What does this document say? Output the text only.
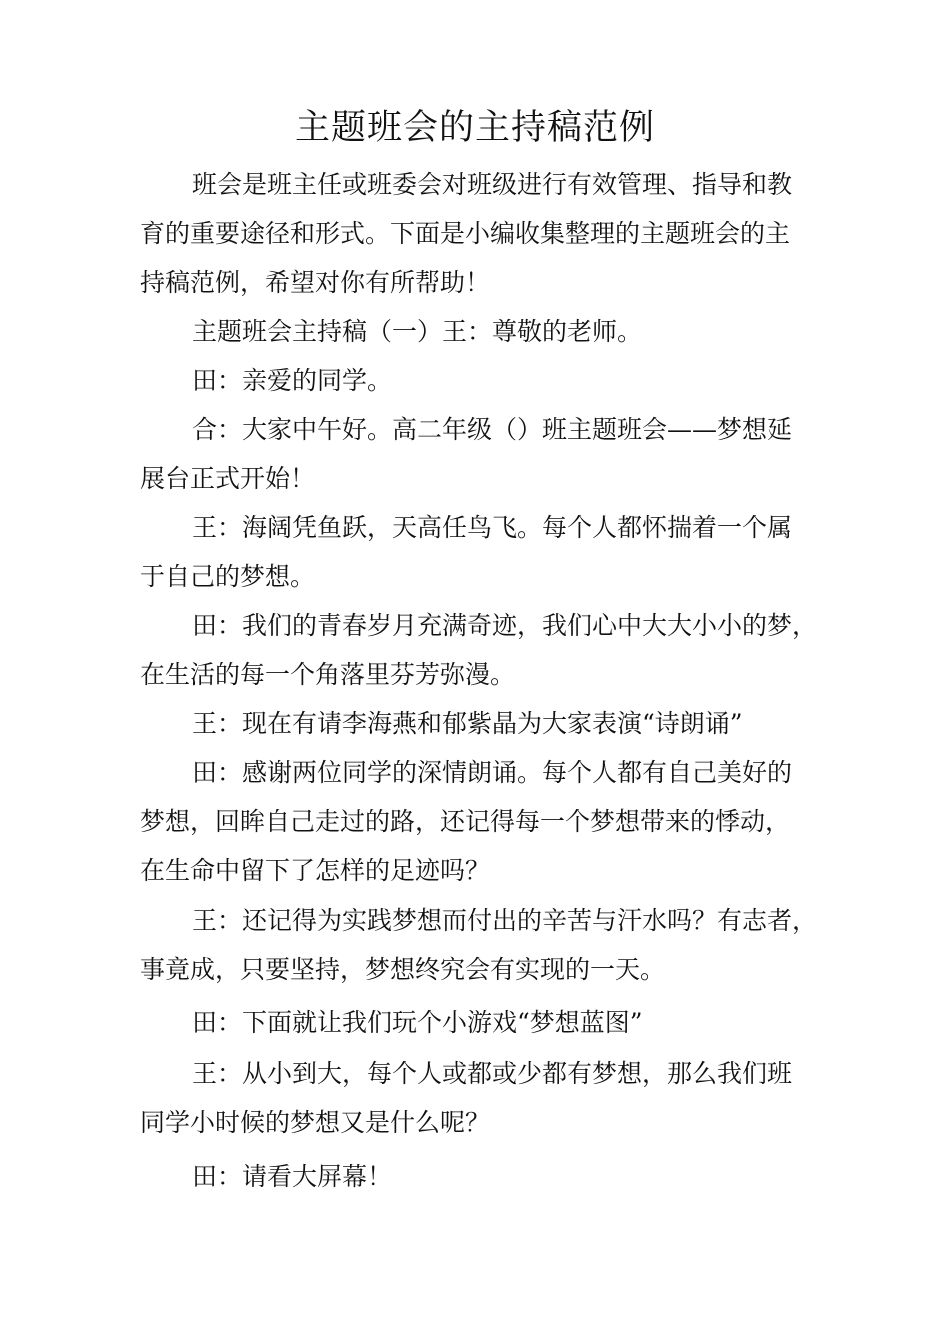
主题班会的主持稿范例

班会是班主任或班委会对班级进行有效管理、指导和教
育的重要途径和形式。下面是小编收集整理的主题班会的主
持稿范例，希望对你有所帮助！

主题班会主持稿（一）王：尊敬的老师。

田：亲爱的同学。

合：大家中午好。高二年级（）班主题班会——梦想延
展台正式开始！

王：海阔凭鱼跃，天高任鸟飞。每个人都怀揣着一个属
于自己的梦想。

田：我们的青春岁月充满奇迹，我们心中大大小小的梦，
在生活的每一个角落里芬芳弥漫。

王：现在有请李海燕和郁紫晶为大家表演“诗朗诵”

田：感谢两位同学的深情朗诵。每个人都有自己美好的
梦想，回眸自己走过的路，还记得每一个梦想带来的悸动，
在生命中留下了怎样的足迹吗？

王：还记得为实践梦想而付出的辛苦与汗水吗？有志者，
事竟成，只要坚持，梦想终究会有实现的一天。

田：下面就让我们玩个小游戏“梦想蓝图”

王：从小到大，每个人或都或少都有梦想，那么我们班
同学小时候的梦想又是什么呢？

田：请看大屏幕！
